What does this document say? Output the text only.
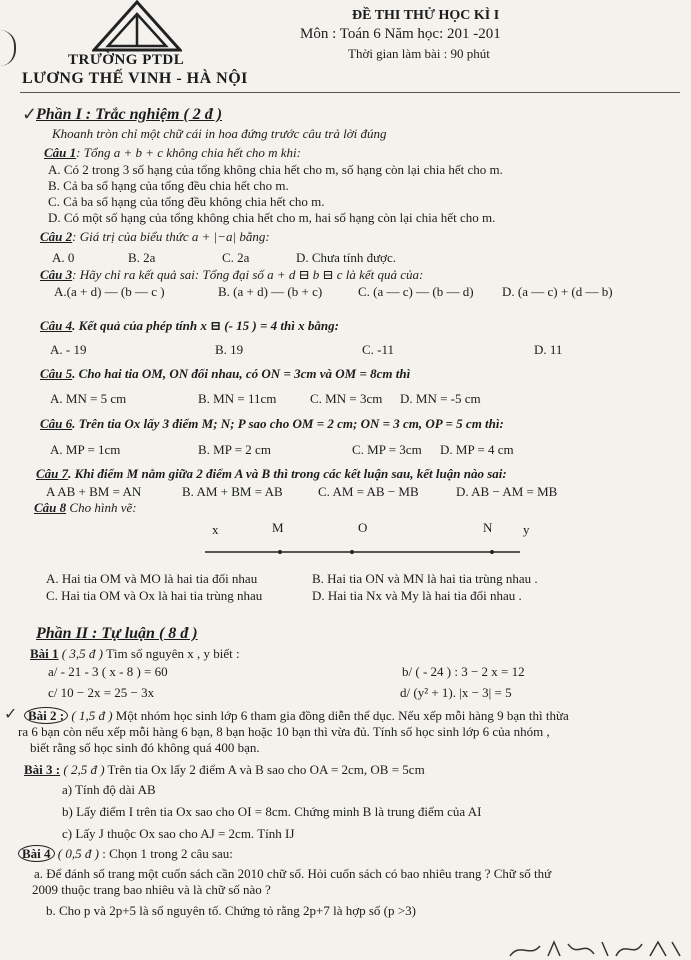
TRƯỜNG PTDL
LƯƠNG THẾ VINH - HÀ NỘI
ĐỀ THI THỬ HỌC KÌ I
Môn : Toán 6 Năm học: 201 -201
Thời gian làm bài : 90 phút
✓
Phần I : Trắc nghiệm ( 2 đ )
Khoanh tròn chỉ một chữ cái in hoa đứng trước câu trả lời đúng
Câu 1: Tổng a + b + c không chia hết cho m khi:
A. Có 2 trong 3 số hạng của tổng không chia hết cho m, số hạng còn lại chia hết cho m.
B. Cả ba số hạng của tổng đều chia hết cho m.
C. Cả ba số hạng của tổng đều không chia hết cho m.
D. Có một số hạng của tổng không chia hết cho m, hai số hạng còn lại chia hết cho m.
Câu 2: Giá trị của biểu thức a + |−a| bằng:
A. 0	B. 2a	C. 2a	D. Chưa tính được.
Câu 3: Hãy chỉ ra kết quả sai: Tổng đại số a + d ⊟ b ⊟ c là kết quả của:
A.(a + d) — (b — c )	B. (a + d) — (b + c)	C. (a — c) — (b — d) D. (a — c) + (d — b)
Câu 4. Kết quả của phép tính x ⊟ (- 15 ) = 4 thì x bằng:
A. - 19	B. 19	C. -11	D. 11
Câu 5. Cho hai tia OM, ON đối nhau, có ON = 3cm và OM = 8cm thì
A. MN = 5 cm	B. MN = 11cm	C. MN = 3cm D. MN = -5 cm
Câu 6. Trên tia Ox lấy 3 điểm M; N; P sao cho OM = 2 cm; ON = 3 cm, OP = 5 cm thì:
A. MP = 1cm	B. MP = 2 cm	C. MP = 3cm D. MP = 4 cm
Câu 7. Khi điểm M nằm giữa 2 điểm A và B thì trong các kết luận sau, kết luận nào sai:
A AB + BM = AN	B. AM + BM = AB	C. AM = AB − MB	D. AB − AM = MB
Câu 8 Cho hình vẽ:
x	M	O	N y
A. Hai tia OM và MO là hai tia đối nhau	B. Hai tia ON và MN là hai tia trùng nhau .
C. Hai tia OM và Ox là hai tia trùng nhau	D. Hai tia Nx và My là hai tia đối nhau .
Phần II : Tự luận ( 8 đ )
Bài 1 ( 3,5 đ ) Tìm số nguyên x , y biết :
a/ - 21 - 3 ( x - 8 ) = 60	b/ ( - 24 ) : 3 − 2 x = 12
c/ 10 − 2x = 25 − 3x	d/ (y² + 1). |x − 3| = 5
✓ Bài 2 : ( 1,5 đ ) Một nhóm học sinh lớp 6 tham gia đồng diễn thể dục. Nếu xếp mỗi hàng 9 bạn thì thừa
ra 6 bạn còn nếu xếp mỗi hàng 6 bạn, 8 bạn hoặc 10 bạn thì vừa đủ. Tính số học sinh lớp 6 của nhóm ,
biết rằng số học sinh đó không quá 400 bạn.
Bài 3 : ( 2,5 đ ) Trên tia Ox lấy 2 điểm A và B sao cho OA = 2cm, OB = 5cm
a) Tính độ dài AB
b) Lấy điểm I trên tia Ox sao cho OI = 8cm. Chứng minh B là trung điểm của AI
c) Lấy J thuộc Ox sao cho AJ = 2cm. Tính IJ
Bài 4 ( 0,5 đ ) : Chọn 1 trong 2 câu sau:
a. Để đánh số trang một cuốn sách cần 2010 chữ số. Hỏi cuốn sách có bao nhiêu trang ? Chữ số thứ
2009 thuộc trang bao nhiêu và là chữ số nào ?
b. Cho p và 2p+5 là số nguyên tố. Chứng tỏ rằng 2p+7 là hợp số (p >3)
